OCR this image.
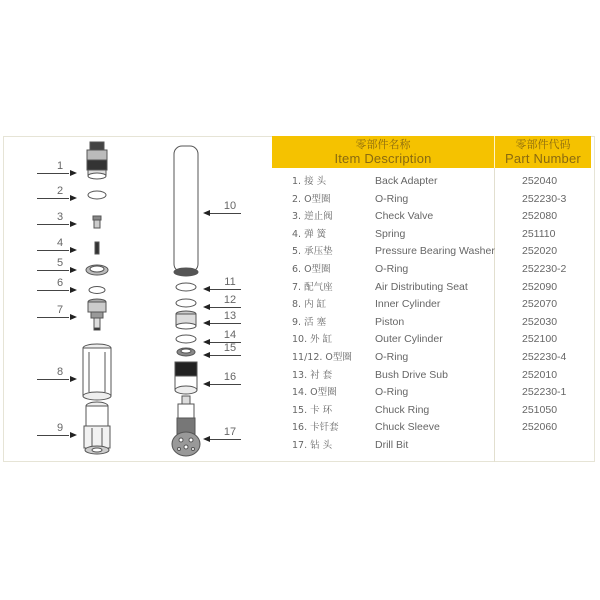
1
2
3
4
5
6
7
8
9
10
11
12
13
14
15
16
17
零部件名称
Item Description
零部件代码
Part Number
1. 接 头	Back Adapter	252040
2. O型圈	O-Ring	252230-3
3. 逆止阀	Check Valve	252080
4. 弹 簧	Spring	251110
5. 承压垫	Pressure Bearing Washer	252020
6. O型圈	O-Ring	252230-2
7. 配气座	Air Distributing Seat	252090
8. 内 缸	Inner Cylinder	252070
9. 活 塞	Piston	252030
10. 外 缸	Outer Cylinder	252100
11/12. O型圈 O-Ring	252230-4
13. 衬 套	Bush Drive Sub	252010
14. O型圈	O-Ring	252230-1
15. 卡 环	Chuck Ring	251050
16. 卡钎套	Chuck Sleeve	252060
17. 钻 头	Drill Bit
